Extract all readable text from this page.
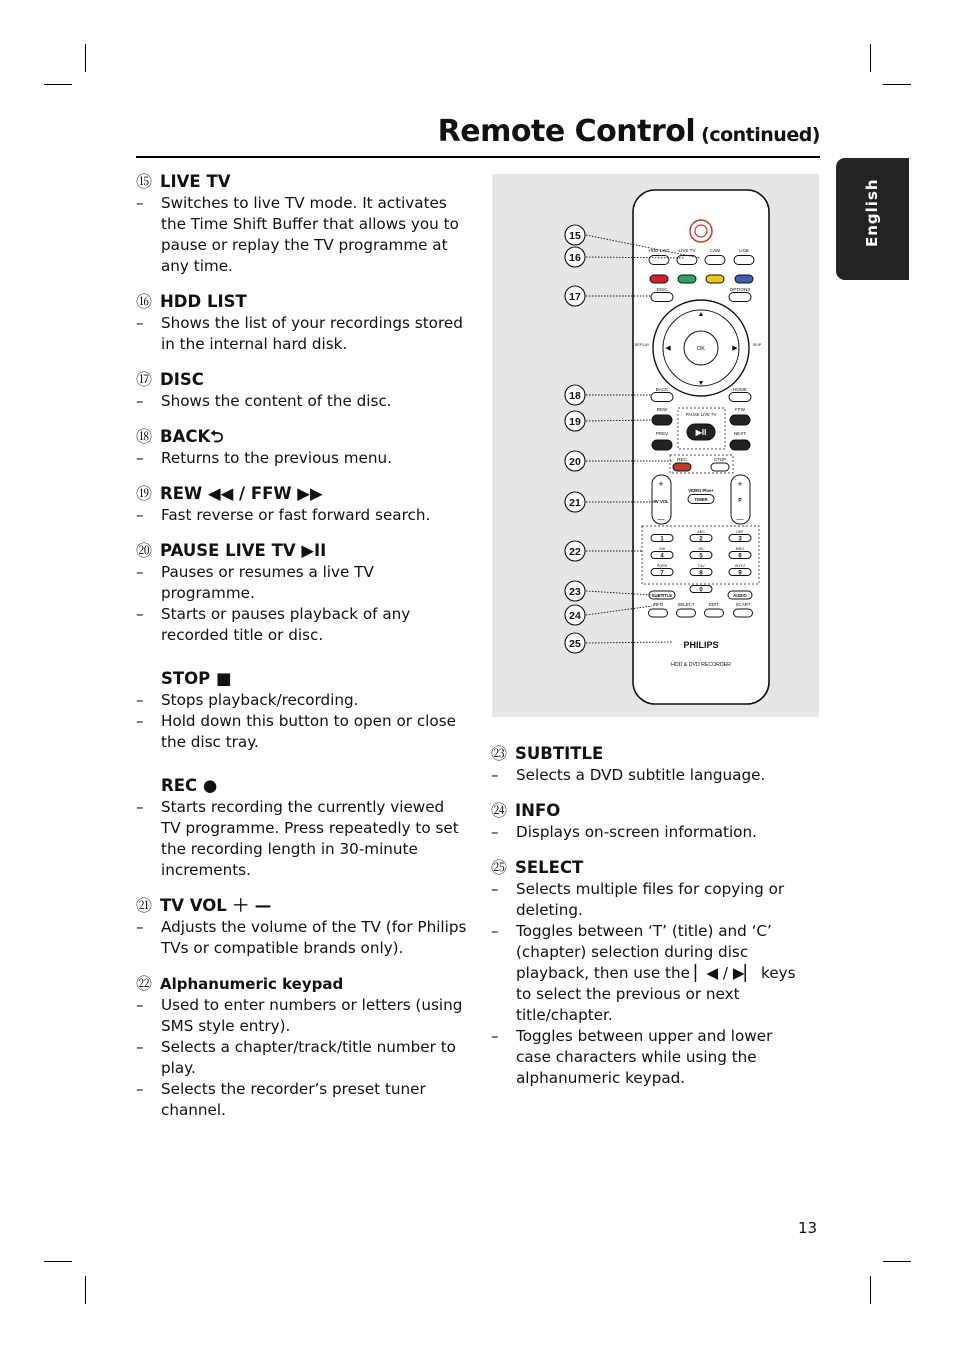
Remote Control (continued)
English
⑮ LIVE TV
–	Switches to live TV mode. It activates the Time Shift Buffer that allows you to pause or replay the TV programme at any time.
⑯ HDD LIST
–	Shows the list of your recordings stored in the internal hard disk.
⑰ DISC
–	Shows the content of the disc.
⑱ BACK⮌
–	Returns to the previous menu.
⑲ REW ◀◀ / FFW ▶▶
–	Fast reverse or fast forward search.
⑳ PAUSE LIVE TV ▶II
–	Pauses or resumes a live TV programme.
–	Starts or pauses playback of any recorded title or disc.
STOP ■
–	Stops playback/recording.
–	Hold down this button to open or close the disc tray.
REC ●
–	Starts recording the currently viewed TV programme. Press repeatedly to set the recording length in 30-minute increments.
㉑ TV VOL ＋ —
–	Adjusts the volume of the TV (for Philips TVs or compatible brands only).
㉒ Alphanumeric keypad
–	Used to enter numbers or letters (using SMS style entry).
–	Selects a chapter/track/title number to play.
–	Selects the recorder’s preset tuner channel.
㉓ SUBTITLE
–	Selects a DVD subtitle language.
㉔ INFO
–	Displays on-screen information.
㉕ SELECT
–	Selects multiple files for copying or deleting.
–	Toggles between ‘T’ (title) and ‘C’ (chapter) selection during disc playback, then use the ▏◀ / ▶▏ keys to select the previous or next title/chapter.
–	Toggles between upper and lower case characters while using the alphanumeric keypad.
HDD LIST LIVE TV	CAM	USB
DISC	OPTIONS
OK
▲
▼
◀	▶
REPLAY	SKIP
BACK	HOME
REW	FFW
PAUSE LIVE TV
▶II
PREV	NEXT
REC	STOP
+
TV VOL
—
+
P
—
VIDEO Plus+
TIMER
1
ABC
2
DEF
3
GHI
4
JKL
5
MNO
6
PQRS
7
TUV
8
WXYZ
9
0
SUBTITLE	AUDIO
INFO	SELECT	EDIT	SCART
PHILIPS
HDD & DVD RECORDER
15
16
17
18
19
20
21
22
23
24
25
13
